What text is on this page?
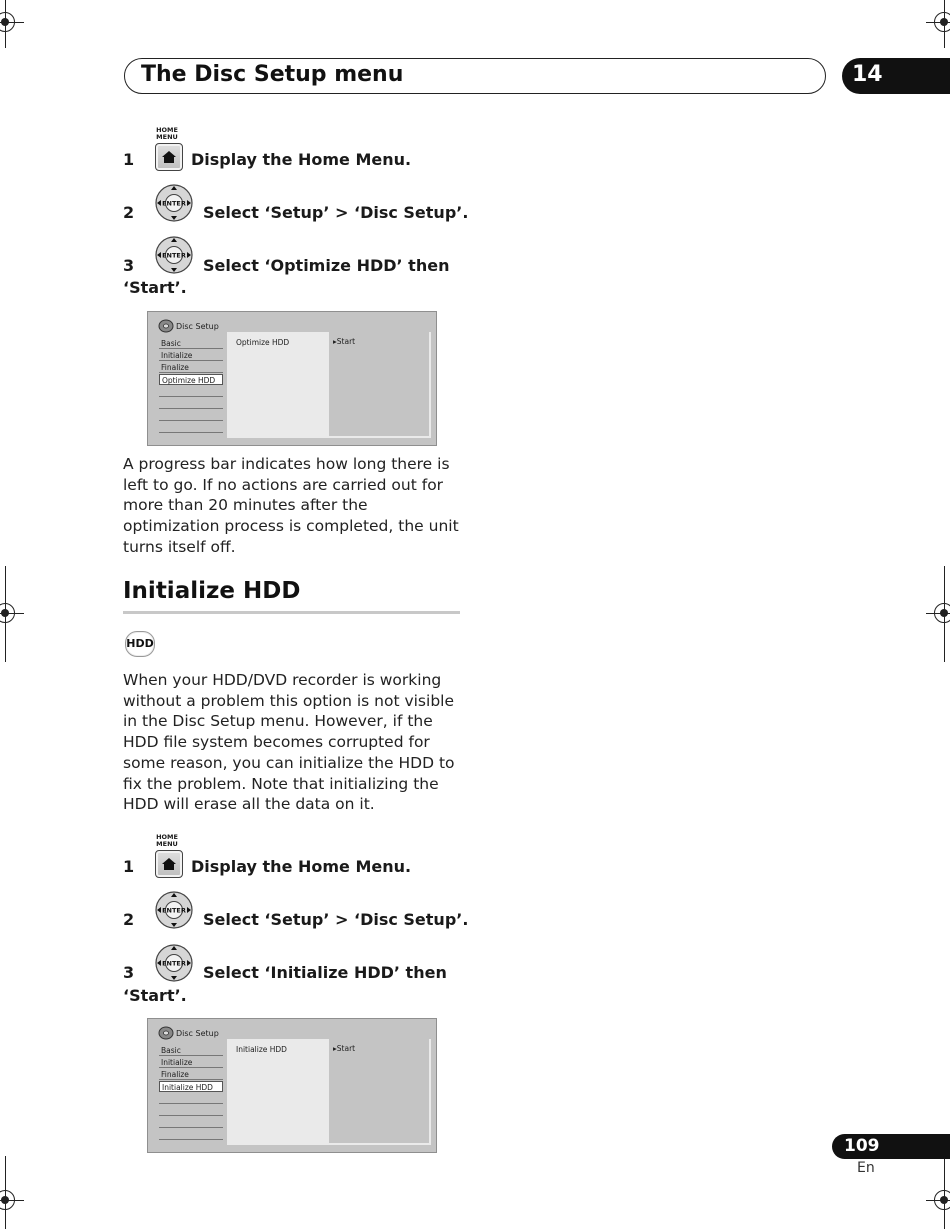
The Disc Setup menu	14
HOME
MENU
1	Display the Home Menu.
ENTER
2	Select ‘Setup’ > ‘Disc Setup’.
ENTER
3	Select ‘Optimize HDD’ then
‘Start’.
Disc Setup
Basic
Initialize
Finalize
Optimize HDD
Optimize HDD	▸Start
A progress bar indicates how long there is left to go. If no actions are carried out for more than 20 minutes after the optimization process is completed, the unit turns itself off.
Initialize HDD
HDD
When your HDD/DVD recorder is working without a problem this option is not visible in the Disc Setup menu. However, if the HDD file system becomes corrupted for some reason, you can initialize the HDD to fix the problem. Note that initializing the HDD will erase all the data on it.
HOME
MENU
1	Display the Home Menu.
ENTER
2	Select ‘Setup’ > ‘Disc Setup’.
ENTER
3	Select ‘Initialize HDD’ then
‘Start’.
Disc Setup
Basic
Initialize
Finalize
Initialize HDD
Initialize HDD	▸Start
109
En
